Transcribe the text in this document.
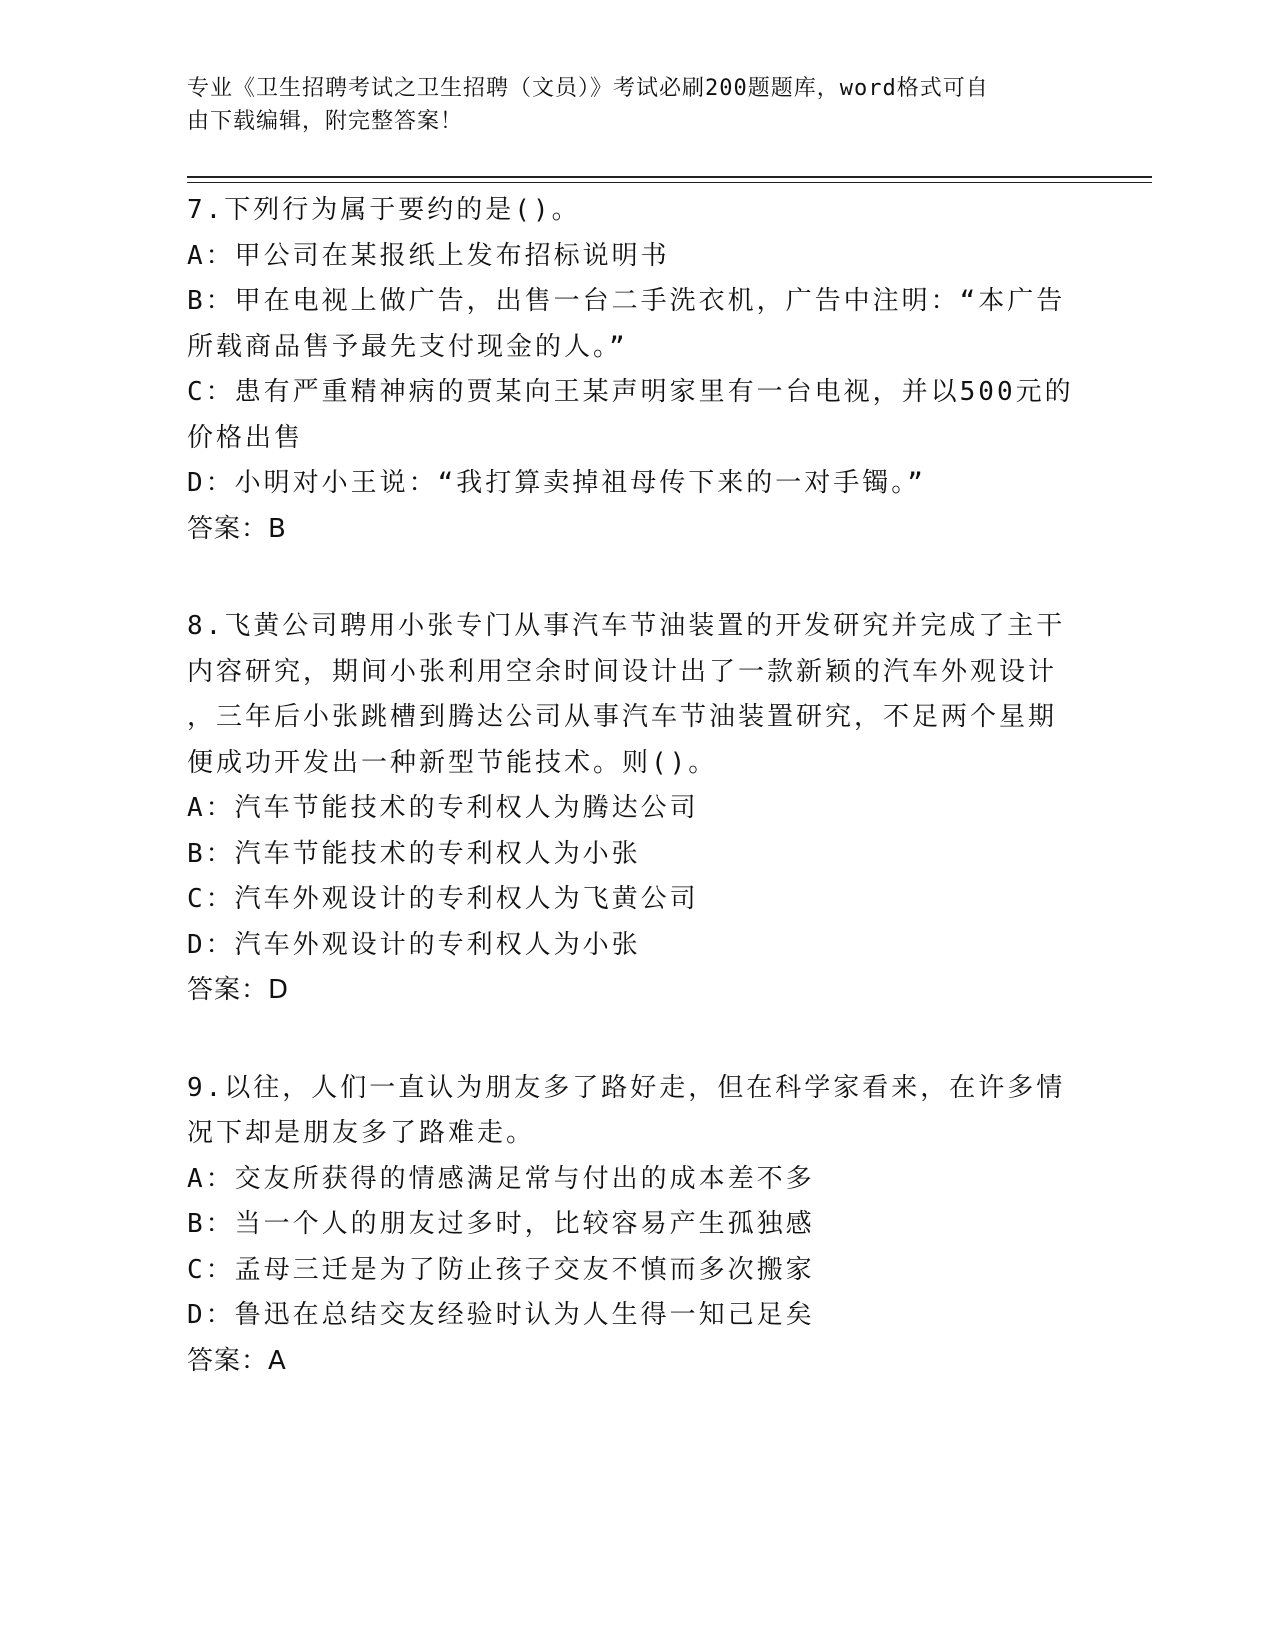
专业《卫生招聘考试之卫生招聘（文员）》考试必刷200题题库，word格式可自
由下载编辑，附完整答案！
7.下列行为属于要约的是()。
A：甲公司在某报纸上发布招标说明书
B：甲在电视上做广告，出售一台二手洗衣机，广告中注明：“本广告
所载商品售予最先支付现金的人。”
C：患有严重精神病的贾某向王某声明家里有一台电视，并以500元的
价格出售
D：小明对小王说：“我打算卖掉祖母传下来的一对手镯。”
答案：B
8.飞黄公司聘用小张专门从事汽车节油装置的开发研究并完成了主干
内容研究，期间小张利用空余时间设计出了一款新颖的汽车外观设计
，三年后小张跳槽到腾达公司从事汽车节油装置研究，不足两个星期
便成功开发出一种新型节能技术。则()。
A：汽车节能技术的专利权人为腾达公司
B：汽车节能技术的专利权人为小张
C：汽车外观设计的专利权人为飞黄公司
D：汽车外观设计的专利权人为小张
答案：D
9.以往，人们一直认为朋友多了路好走，但在科学家看来，在许多情
况下却是朋友多了路难走。
A：交友所获得的情感满足常与付出的成本差不多
B：当一个人的朋友过多时，比较容易产生孤独感
C：孟母三迁是为了防止孩子交友不慎而多次搬家
D：鲁迅在总结交友经验时认为人生得一知己足矣
答案：A
